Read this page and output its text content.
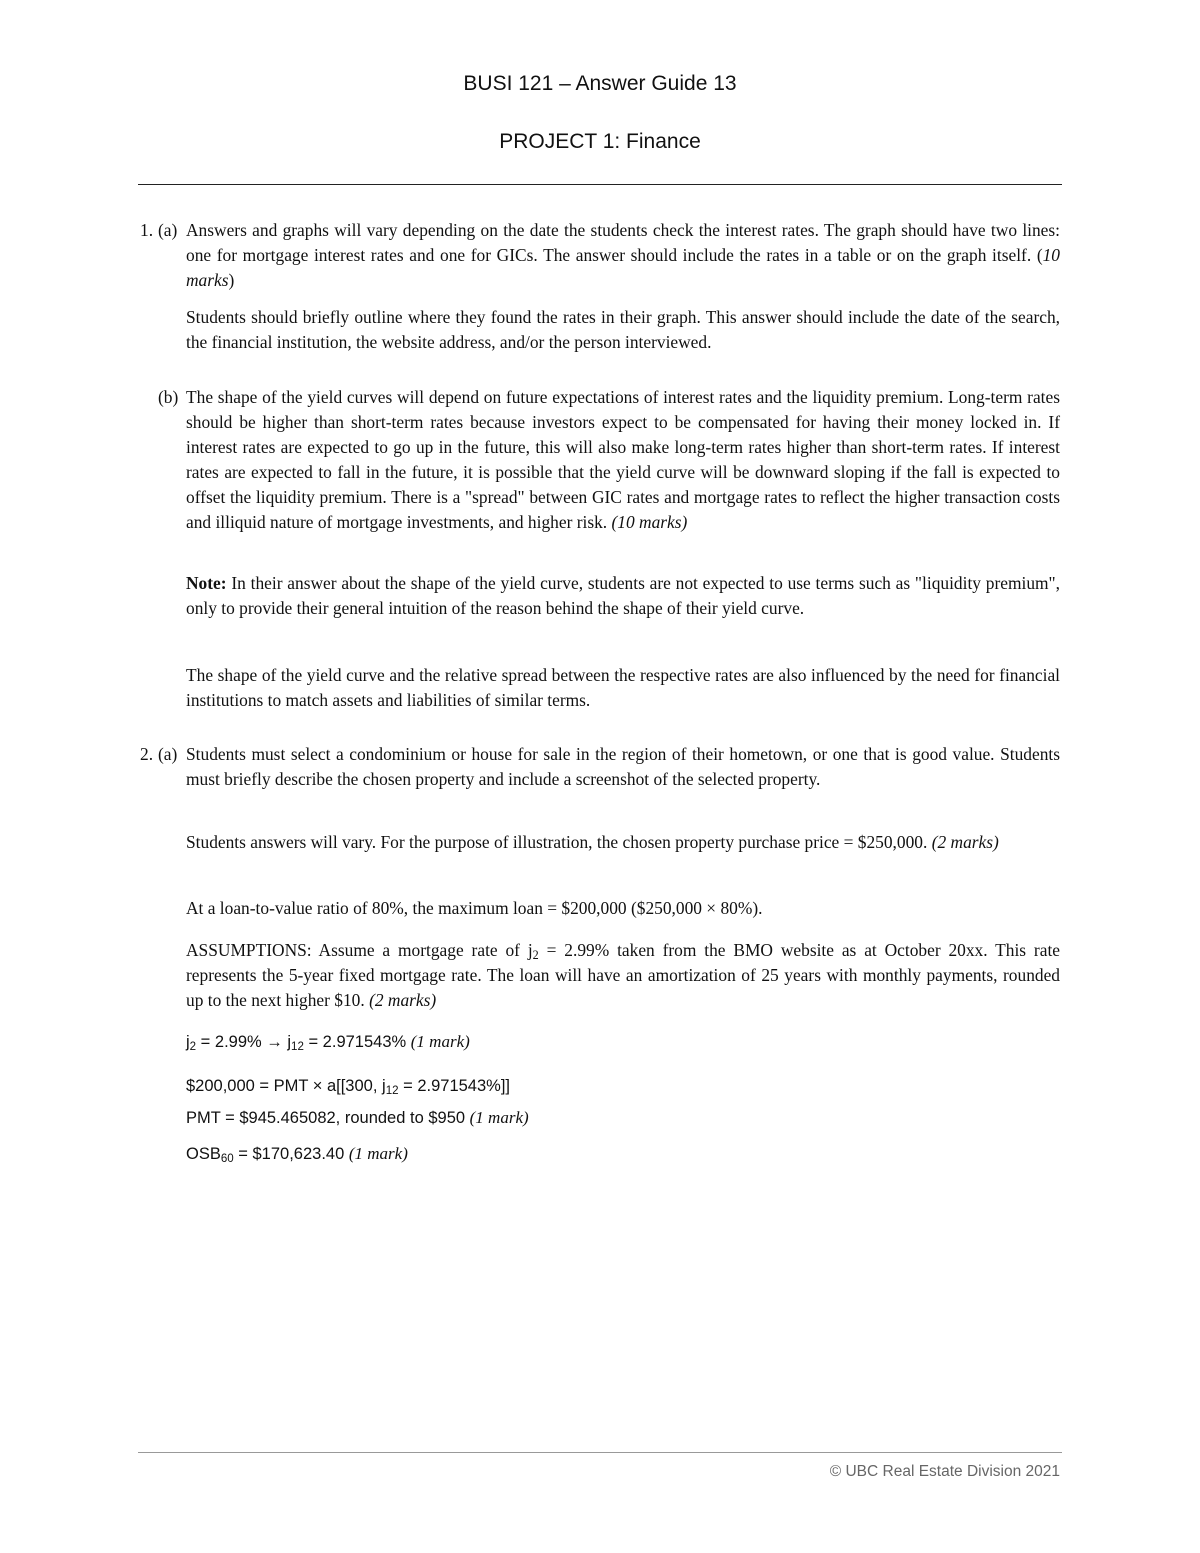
BUSI 121 – Answer Guide 13
PROJECT 1: Finance
1. (a) Answers and graphs will vary depending on the date the students check the interest rates. The graph should have two lines: one for mortgage interest rates and one for GICs. The answer should include the rates in a table or on the graph itself. (10 marks)

Students should briefly outline where they found the rates in their graph. This answer should include the date of the search, the financial institution, the website address, and/or the person interviewed.

(b) The shape of the yield curves will depend on future expectations of interest rates and the liquidity premium. Long-term rates should be higher than short-term rates because investors expect to be compensated for having their money locked in. If interest rates are expected to go up in the future, this will also make long-term rates higher than short-term rates. If interest rates are expected to fall in the future, it is possible that the yield curve will be downward sloping if the fall is expected to offset the liquidity premium. There is a "spread" between GIC rates and mortgage rates to reflect the higher transaction costs and illiquid nature of mortgage investments, and higher risk. (10 marks)

Note: In their answer about the shape of the yield curve, students are not expected to use terms such as "liquidity premium", only to provide their general intuition of the reason behind the shape of their yield curve.

The shape of the yield curve and the relative spread between the respective rates are also influenced by the need for financial institutions to match assets and liabilities of similar terms.

2. (a) Students must select a condominium or house for sale in the region of their hometown, or one that is good value. Students must briefly describe the chosen property and include a screenshot of the selected property.

Students answers will vary. For the purpose of illustration, the chosen property purchase price = $250,000. (2 marks)

At a loan-to-value ratio of 80%, the maximum loan = $200,000 ($250,000 × 80%).

ASSUMPTIONS: Assume a mortgage rate of $j_2 = 2.99\%$ taken from the BMO website as at October 20xx. This rate represents the 5-year fixed mortgage rate. The loan will have an amortization of 25 years with monthly payments, rounded up to the next higher $10. (2 marks)

$j_2 = 2.99\% \to j_{12} = 2.971543\%$ (1 mark)
$200,000 = PMT × a[[300, $j_{12} = 2.971543\%$]]
PMT = $945.465082, rounded to $950 (1 mark)
$OSB_{60}$ = $170,623.40 (1 mark)
© UBC Real Estate Division 2021
